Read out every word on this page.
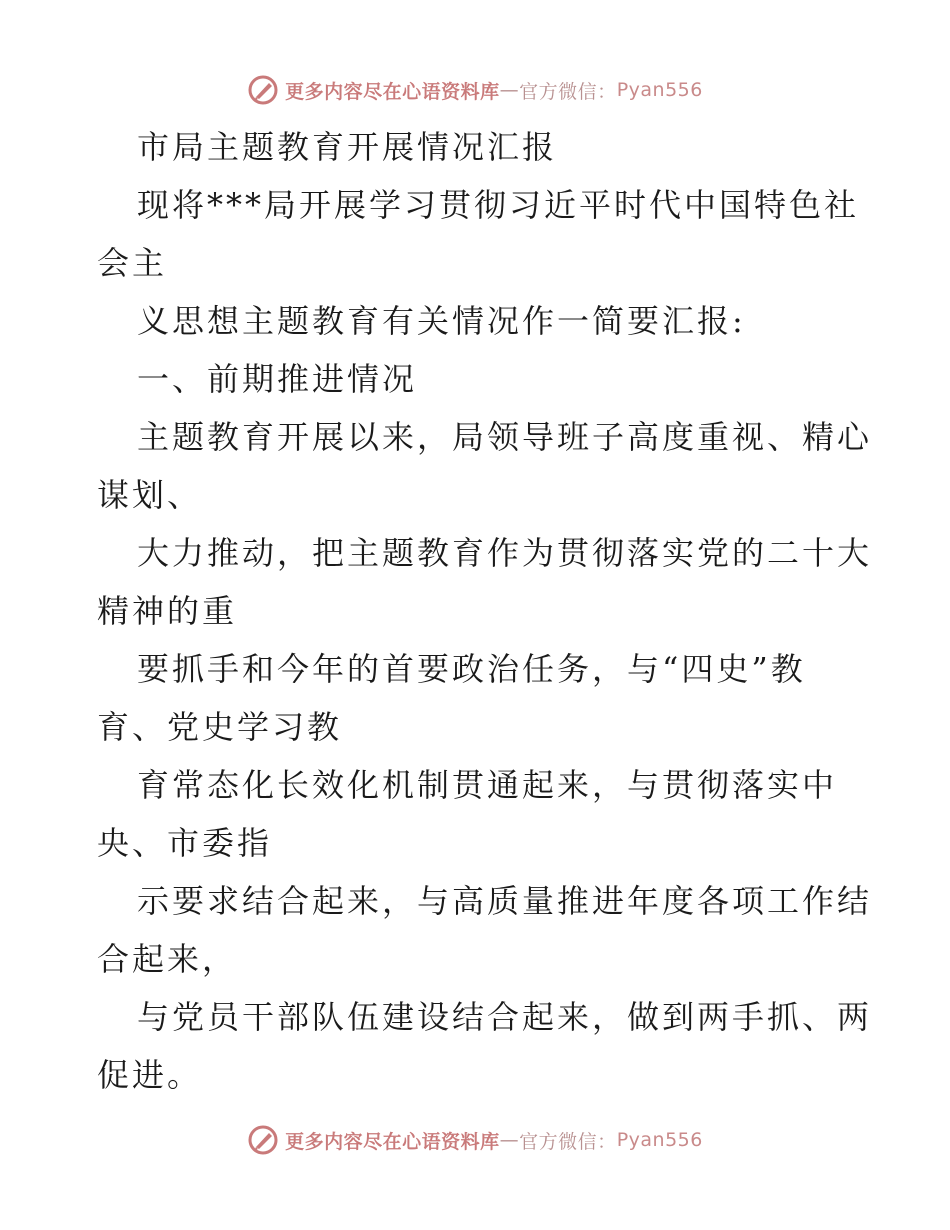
更多内容尽在心语资料库 — 官方微信： Pyan556
市局主题教育开展情况汇报
现将***局开展学习贯彻习近平时代中国特色社
会主
义思想主题教育有关情况作一简要汇报:
一、前期推进情况
主题教育开展以来，局领导班子高度重视、精心
谋划、
大力推动，把主题教育作为贯彻落实党的二十大
精神的重
要抓手和今年的首要政治任务，与“四史”教
育、党史学习教
育常态化长效化机制贯通起来，与贯彻落实中
央、市委指
示要求结合起来，与高质量推进年度各项工作结
合起来，
与党员干部队伍建设结合起来，做到两手抓、两
促进。
更多内容尽在心语资料库 — 官方微信： Pyan556
